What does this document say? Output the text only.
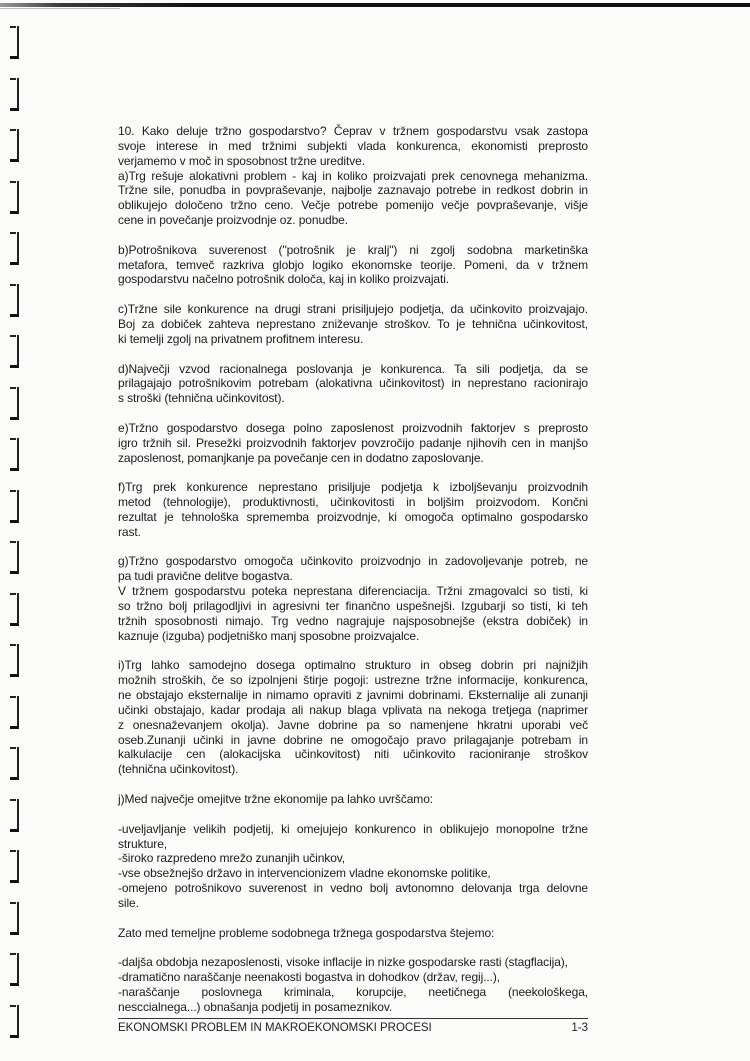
10. Kako deluje tržno gospodarstvo? Čeprav v tržnem gospodarstvu vsak zastopa
svoje interese in med tržnimi subjekti vlada konkurenca, ekonomisti preprosto
verjamemo v moč in sposobnost tržne ureditve.
a)Trg rešuje alokativni problem - kaj in koliko proizvajati prek cenovnega mehanizma.
Tržne sile, ponudba in povpraševanje, najbolje zaznavajo potrebe in redkost dobrin in
oblikujejo določeno tržno ceno. Večje potrebe pomenijo večje povpraševanje, višje
cene in povečanje proizvodnje oz. ponudbe.
b)Potrošnikova suverenost ("potrošnik je kralj") ni zgolj sodobna marketinška
metafora, temveč razkriva globjo logiko ekonomske teorije. Pomeni, da v tržnem
gospodarstvu načelno potrošnik določa, kaj in koliko proizvajati.
c)Tržne sile konkurence na drugi strani prisiljujejo podjetja, da učinkovito proizvajajo.
Boj za dobiček zahteva neprestano zniževanje stroškov. To je tehnična učinkovitost,
ki temelji zgolj na privatnem profitnem interesu.
d)Največji vzvod racionalnega poslovanja je konkurenca. Ta sili podjetja, da se
prilagajajo potrošnikovim potrebam (alokativna učinkovitost) in neprestano racionirajo
s stroški (tehnična učinkovitost).
e)Tržno gospodarstvo dosega polno zaposlenost proizvodnih faktorjev s preprosto
igro tržnih sil. Presežki proizvodnih faktorjev povzročijo padanje njihovih cen in manjšo
zaposlenost, pomanjkanje pa povečanje cen in dodatno zaposlovanje.
f)Trg prek konkurence neprestano prisiljuje podjetja k izboljševanju proizvodnih
metod (tehnologije), produktivnosti, učinkovitosti in boljšim proizvodom. Končni
rezultat je tehnološka sprememba proizvodnje, ki omogoča optimalno gospodarsko
rast.
g)Tržno gospodarstvo omogoča učinkovito proizvodnjo in zadovoljevanje potreb, ne
pa tudi pravične delitve bogastva.
V tržnem gospodarstvu poteka neprestana diferenciacija. Tržni zmagovalci so tisti, ki
so tržno bolj prilagodljivi in agresivni ter finančno uspešnejši. Izgubarji so tisti, ki teh
tržnih sposobnosti nimajo. Trg vedno nagrajuje najsposobnejše (ekstra dobiček) in
kaznuje (izguba) podjetniško manj sposobne proizvajalce.
i)Trg lahko samodejno dosega optimalno strukturo in obseg dobrin pri najnižjih
možnih stroških, če so izpolnjeni štirje pogoji: ustrezne tržne informacije, konkurenca,
ne obstajajo eksternalije in nimamo opraviti z javnimi dobrinami. Eksternalije ali zunanji
učinki obstajajo, kadar prodaja ali nakup blaga vplivata na nekoga tretjega (naprimer
z onesnaževanjem okolja). Javne dobrine pa so namenjene hkratni uporabi več
oseb.Zunanji učinki in javne dobrine ne omogočajo pravo prilagajanje potrebam in
kalkulacije cen (alokacijska učinkovitost) niti učinkovito racioniranje stroškov
(tehnična učinkovitost).
j)Med največje omejitve tržne ekonomije pa lahko uvrščamo:
-uveljavljanje velikih podjetij, ki omejujejo konkurenco in oblikujejo monopolne tržne
strukture,
-široko razpredeno mrežo zunanjih učinkov,
-vse obsežnejšo državo in intervencionizem vladne ekonomske politike,
-omejeno potrošnikovo suverenost in vedno bolj avtonomno delovanja trga delovne
sile.
Zato med temeljne probleme sodobnega tržnega gospodarstva štejemo:
-daljša obdobja nezaposlenosti, visoke inflacije in nizke gospodarske rasti (stagflacija),
-dramatično naraščanje neenakosti bogastva in dohodkov (držav, regij...),
-naraščanje poslovnega kriminala, korupcije, neetičnega (neekološkega,
nesccialnega...) obnašanja podjetij in posameznikov.
EKONOMSKI PROBLEM IN MAKROEKONOMSKI PROCESI	1-3
